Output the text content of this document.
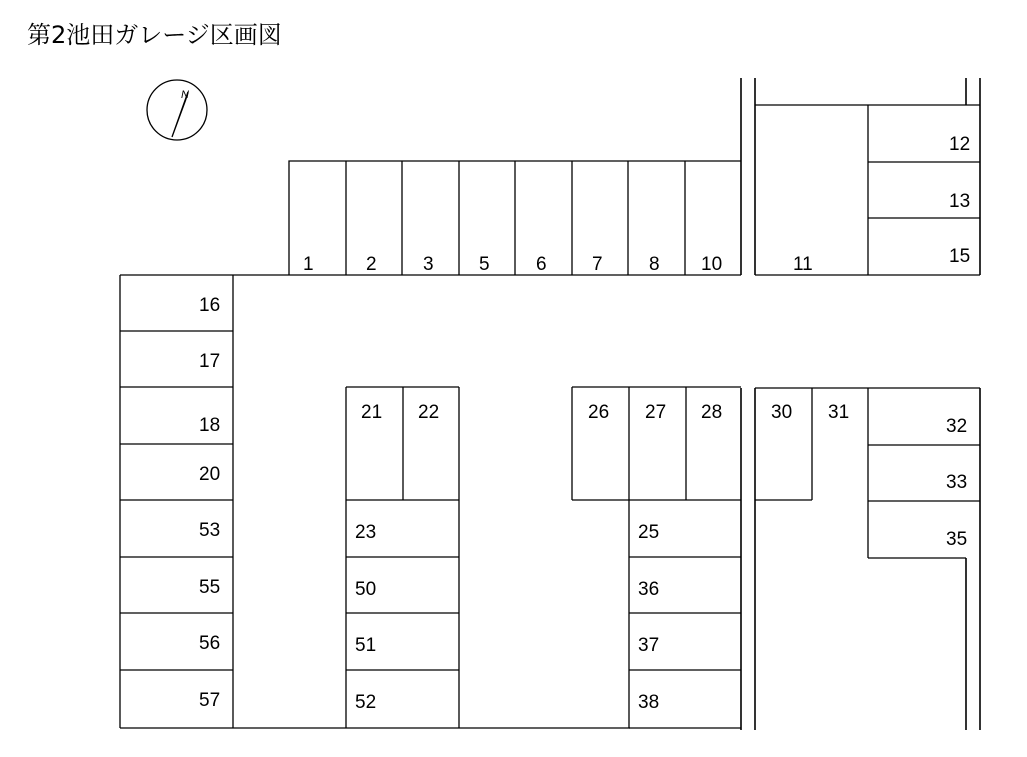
第2池田ガレージ区画図
N
1	2 3 5 6 7 8 10	11
12
13
15
16
17
18
20
53
55
56
57
21 22
23
50
51
52
26 27 28
25
36
37
38
30 31
32
33
35
